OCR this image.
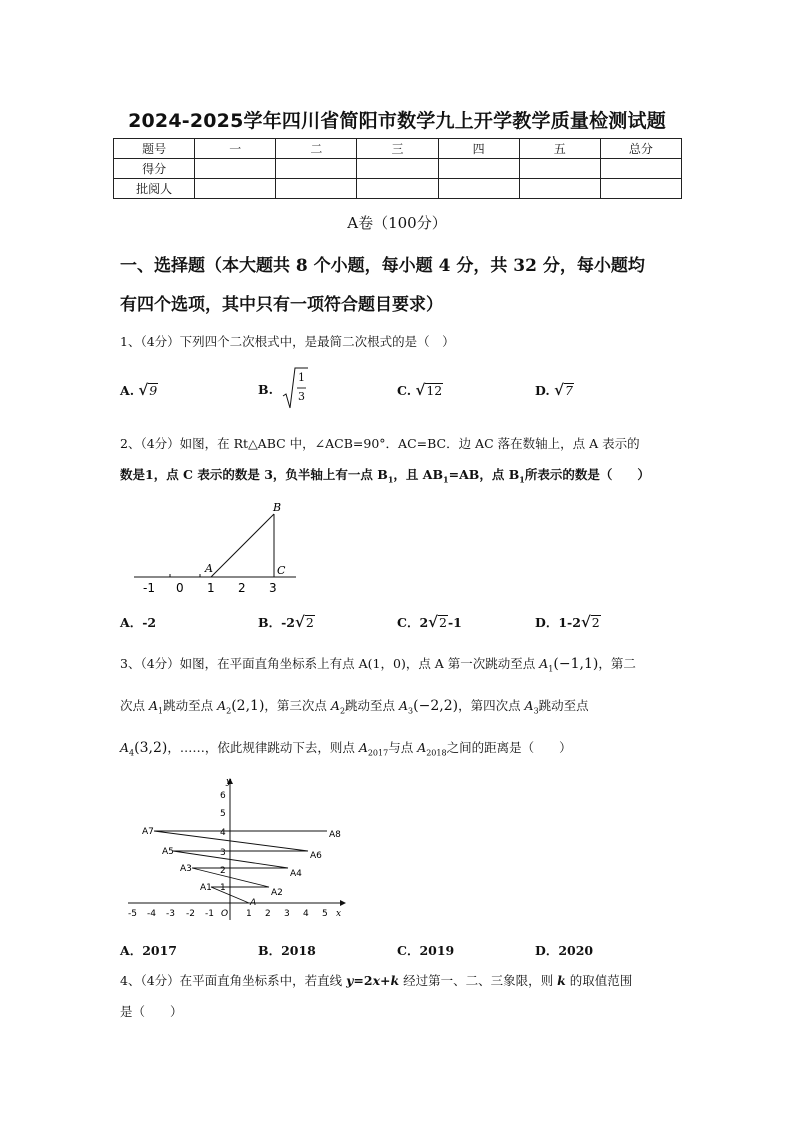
2024-2025学年四川省简阳市数学九上开学教学质量检测试题
题号	一	二	三	四	五	总分
得分						
批阅人						
A卷（100分）
一、选择题（本大题共 8 个小题，每小题 4 分，共 32 分，每小题均
有四个选项，其中只有一项符合题目要求）
1、（4分）下列四个二次根式中，是最简二次根式的是（　）
A. √9	B.
1
3	C. √12	D. √7
2、（4分）如图，在 Rt△ABC 中，∠ACB=90°．AC=BC．边 AC 落在数轴上，点 A 表示的
数是1，点 C 表示的数是 3，负半轴上有一点 $B_1$，且 $AB_1=AB$，点 $B_1$所表示的数是（　　）
B
A	C
-1 0 1 2 3
A．-2	B．-2√2	C．2√2-1	D．1-2√2
3、（4分）如图，在平面直角坐标系上有点 A(1，0)，点 A 第一次跳动至点 $A_1(-1,1)$，第二
次点 $A_1$跳动至点 $A_2(2,1)$，第三次点 $A_2$跳动至点 $A_3(-2,2)$，第四次点 $A_3$跳动至点
$A_4(3,2)$，……，依此规律跳动下去，则点 $A_{2017}$与点 $A_{2018}$之间的距离是（　　）
y
x
-5 -4 -3 -2 -1 O 1 2 3 4 5
1
2
3
4
5
6
A
A1	A2
A3	A4
A5	A6
A7	A8
A．2017	B．2018	C．2019	D．2020
4、（4分）在平面直角坐标系中，若直线 y=2x+k 经过第一、二、三象限，则 k 的取值范围
是（　　）
